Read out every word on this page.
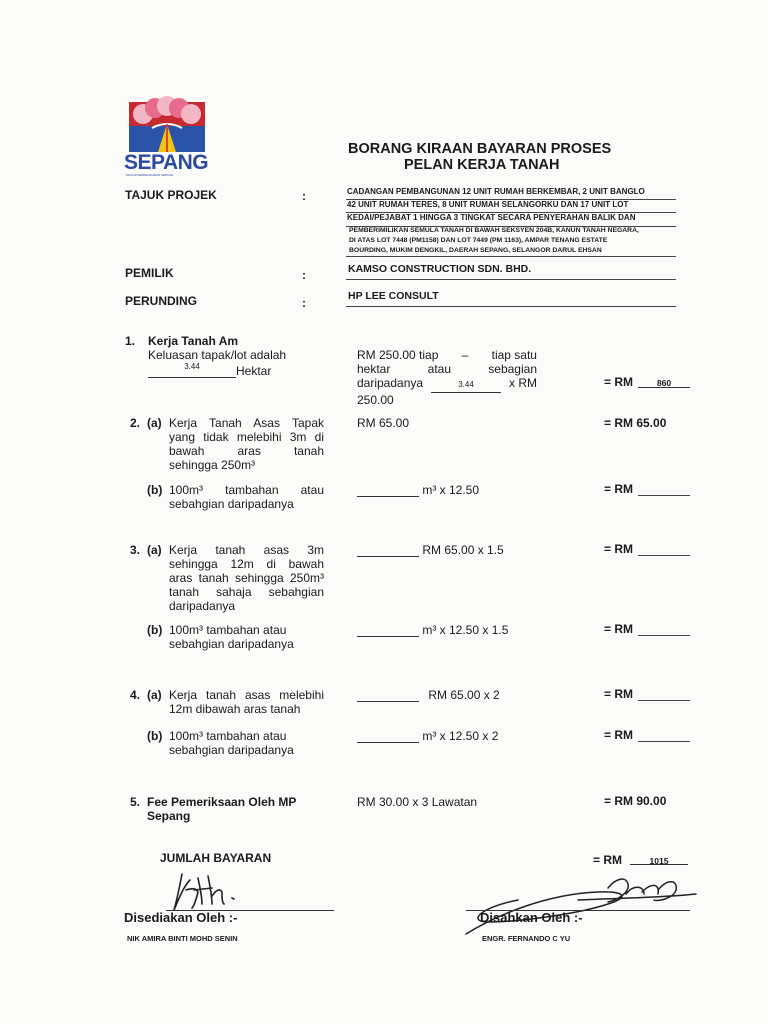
SEPANG
MAJLIS PERBANDARAN SEPANG
BORANG KIRAAN BAYARAN PROSES
PELAN KERJA TANAH
TAJUK PROJEK	:	CADANGAN PEMBANGUNAN 12 UNIT RUMAH BERKEMBAR, 2 UNIT BANGLO
42 UNIT RUMAH TERES, 8 UNIT RUMAH SELANGORKU DAN 17 UNIT LOT
KEDAI/PEJABAT 1 HINGGA 3 TINGKAT SECARA PENYERAHAN BALIK DAN
PEMBERIMILIKAN SEMULA TANAH DI BAWAH SEKSYEN 204B, KANUN TANAH NEGARA,
DI ATAS LOT 7448 (PM1158) DAN LOT 7449 (PM 1163), AMPAR TENANG ESTATE
BOURDING, MUKIM DENGKIL, DAERAH SEPANG, SELANGOR DARUL EHSAN
PEMILIK	:	KAMSO CONSTRUCTION SDN. BHD.
PERUNDING	:	HP LEE CONSULT
1. Kerja Tanah Am
Keluasan tapak/lot adalah
$^{3.44}$	Hektar
RM 250.00 tiap – tiap satu
hektar	atau	sebagian
daripadanya	3.44	x RM
250.00
= RM	860
2. (a) Kerja Tanah Asas Tapak
yang tidak melebihi 3m di
bawah aras tanah
sehingga 250m³
RM 65.00	= RM 65.00
(b) 100m³ tambahan atau
sebahgian daripadanya
m³ x 12.50	= RM
3. (a) Kerja tanah asas 3m
sehingga 12m di bawah
aras tanah sehingga 250m³
tanah sahaja sebahgian
daripadanya
RM 65.00 x 1.5	= RM
(b) 100m³ tambahan atau
sebahgian daripadanya
m³ x 12.50 x 1.5	= RM
4. (a) Kerja tanah asas melebihi
12m dibawah aras tanah
RM 65.00 x 2	= RM
(b) 100m³ tambahan atau
sebahgian daripadanya
m³ x 12.50 x 2	= RM
5. Fee Pemeriksaan Oleh MP
Sepang
RM 30.00 x 3 Lawatan	= RM 90.00
JUMLAH BAYARAN	= RM	1015
Disediakan Oleh :-
NIK AMIRA BINTI MOHD SENIN
Disahkan Oleh :-
ENGR. FERNANDO C YU
